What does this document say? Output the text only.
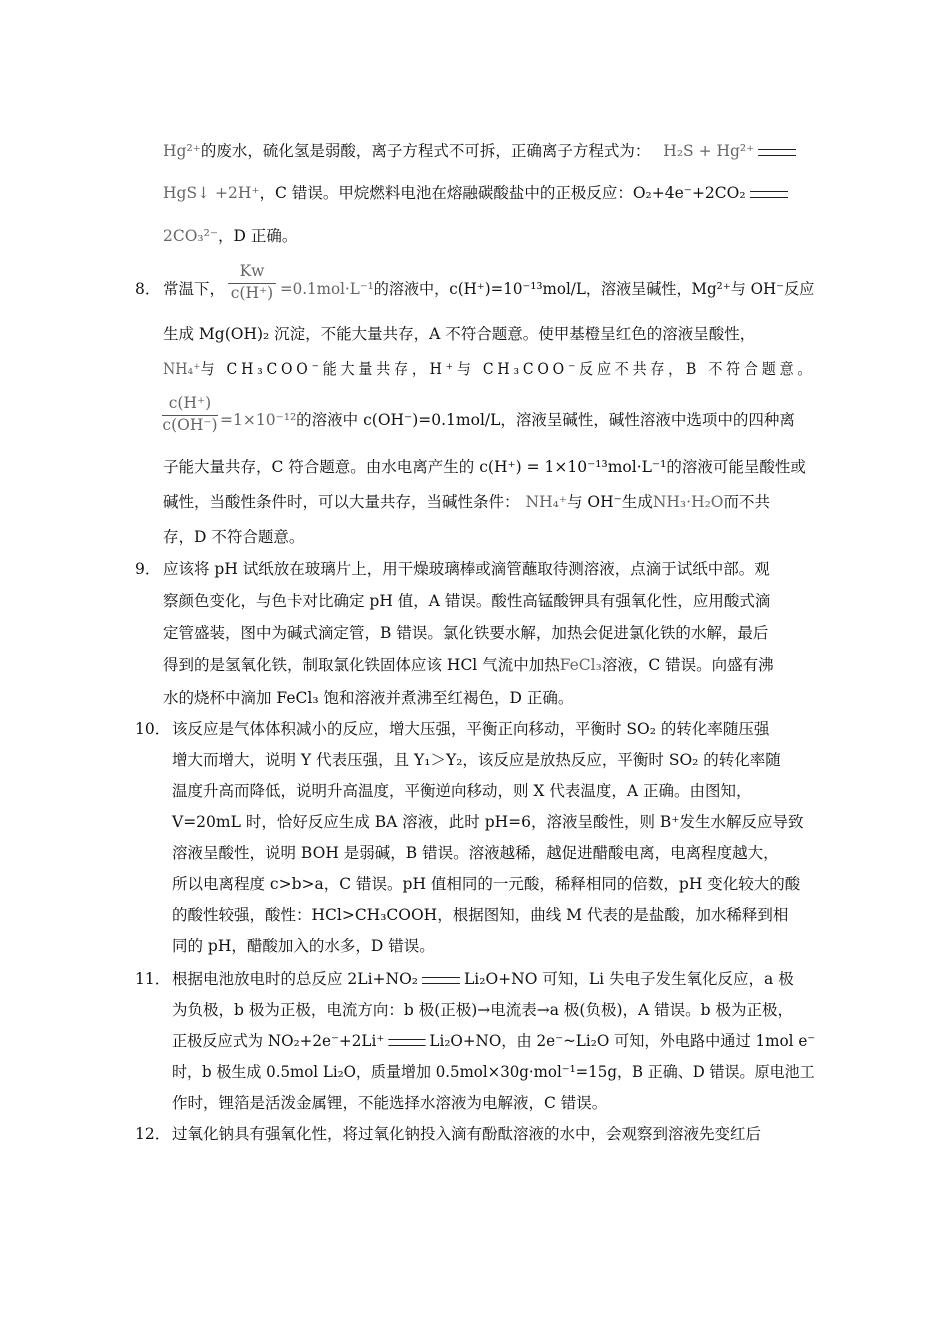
Hg²⁺的废水，硫化氢是弱酸，离子方程式不可拆，正确离子方程式为： H₂S + Hg²⁺
HgS↓ +2H⁺，C 错误。甲烷燃料电池在熔融碳酸盐中的正极反应：O₂+4e⁻+2CO₂
2CO₃²⁻，D 正确。
8． 常温下，
Kw
c(H⁺) =0.1mol·L⁻¹的溶液中，c(H⁺)=10⁻¹³mol/L，溶液呈碱性，Mg²⁺与 OH⁻反应
生成 Mg(OH)₂ 沉淀，不能大量共存，A 不符合题意。使甲基橙呈红色的溶液呈酸性，
NH₄⁺与 CH₃COO⁻能大量共存，H⁺与 CH₃COO⁻反应不共存，B 不符合题意。
c(H⁺)
c(OH⁻) =1×10⁻¹²的溶液中 c(OH⁻)=0.1mol/L，溶液呈碱性，碱性溶液中选项中的四种离
子能大量共存，C 符合题意。由水电离产生的 c(H⁺) = 1×10⁻¹³mol·L⁻¹的溶液可能呈酸性或
碱性，当酸性条件时，可以大量共存，当碱性条件： NH₄⁺与 OH⁻生成NH₃·H₂O而不共
存，D 不符合题意。
9． 应该将 pH 试纸放在玻璃片上，用干燥玻璃棒或滴管蘸取待测溶液，点滴于试纸中部。观
察颜色变化，与色卡对比确定 pH 值，A 错误。酸性高锰酸钾具有强氧化性，应用酸式滴
定管盛装，图中为碱式滴定管，B 错误。氯化铁要水解，加热会促进氯化铁的水解，最后
得到的是氢氧化铁，制取氯化铁固体应该 HCl 气流中加热FeCl₃溶液，C 错误。向盛有沸
水的烧杯中滴加 FeCl₃ 饱和溶液并煮沸至红褐色，D 正确。
10． 该反应是气体体积减小的反应，增大压强，平衡正向移动，平衡时 SO₂ 的转化率随压强
增大而增大，说明 Y 代表压强，且 Y₁＞Y₂，该反应是放热反应，平衡时 SO₂ 的转化率随
温度升高而降低，说明升高温度，平衡逆向移动，则 X 代表温度，A 正确。由图知，
V=20mL 时，恰好反应生成 BA 溶液，此时 pH=6，溶液呈酸性，则 B⁺发生水解反应导致
溶液呈酸性，说明 BOH 是弱碱，B 错误。溶液越稀，越促进醋酸电离，电离程度越大，
所以电离程度 c>b>a，C 错误。pH 值相同的一元酸，稀释相同的倍数，pH 变化较大的酸
的酸性较强，酸性：HCl>CH₃COOH，根据图知，曲线 M 代表的是盐酸，加水稀释到相
同的 pH，醋酸加入的水多，D 错误。
11． 根据电池放电时的总反应 2Li+NO₂	Li₂O+NO 可知，Li 失电子发生氧化反应，a 极
为负极，b 极为正极，电流方向：b 极(正极)→电流表→a 极(负极)，A 错误。b 极为正极，
正极反应式为 NO₂+2e⁻+2Li⁺	Li₂O+NO，由 2e⁻~Li₂O 可知，外电路中通过 1mol e⁻
时，b 极生成 0.5mol Li₂O，质量增加 0.5mol×30g·mol⁻¹=15g，B 正确、D 错误。原电池工
作时，锂箔是活泼金属锂，不能选择水溶液为电解液，C 错误。
12． 过氧化钠具有强氧化性，将过氧化钠投入滴有酚酞溶液的水中，会观察到溶液先变红后
